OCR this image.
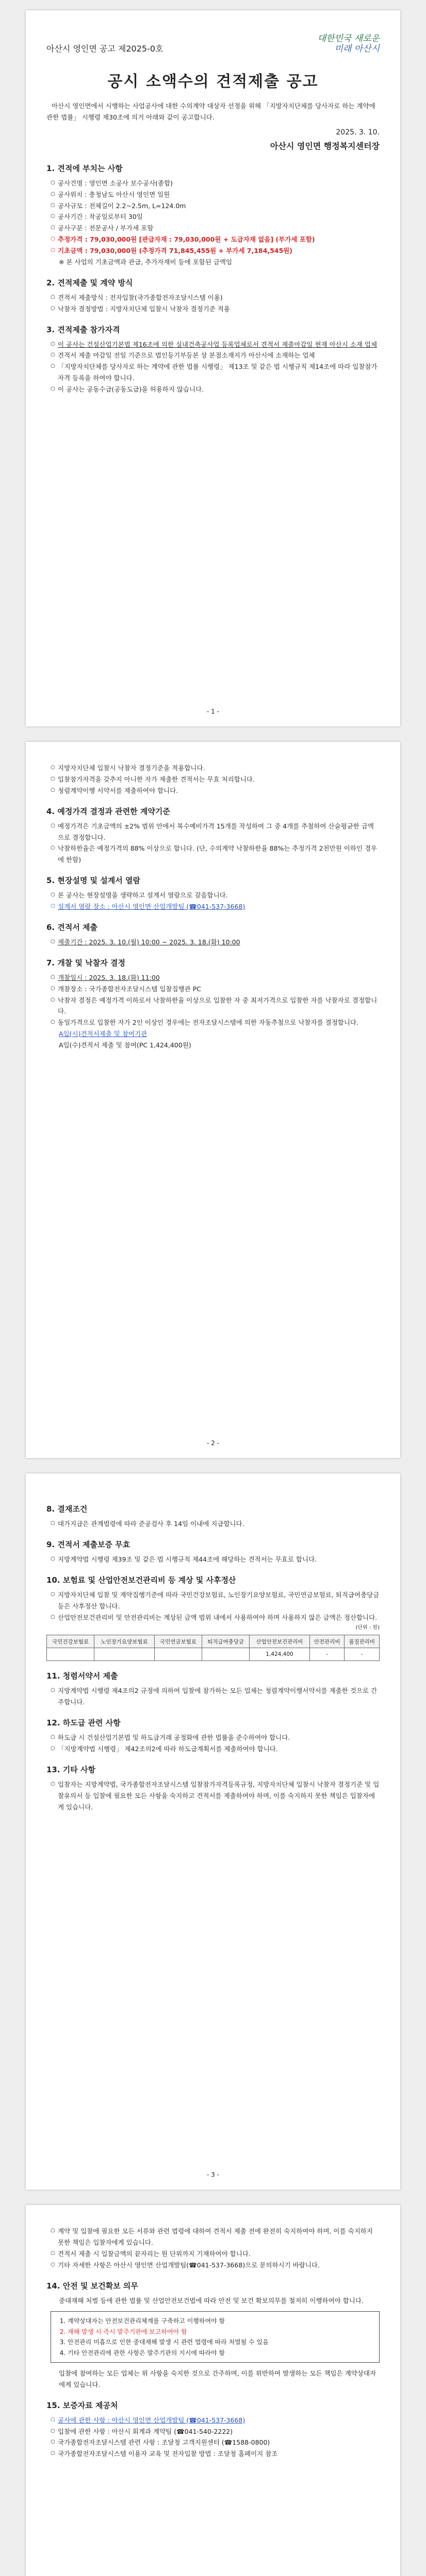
아산시 영인면 공고 제2025-0호
대한민국 새로운
미래 아산시
공시 소액수의 견적제출 공고

아산시 영인면에서 시행하는 사업공사에 대한 수의계약 대상자 선정을 위해 「지방자치단체를 당사자로 하는 계약에 관한 법률」 시행령 제30조에 의거 아래와 같이 공고합니다.

2025. 3. 10.
아산시 영인면 행정복지센터장
1. 견적에 부치는 사항
○ 공사건명 : 영인면 소공사 보수공사(종합)
○ 공사위치 : 충청남도 아산시 영인면 일원
○ 공사규모 : 전체길이 2.2~2.5m, L=124.0m
○ 공사기간 : 착공일로부터 30일
○ 공사구분 : 전문공사 / 부가세 포함
○ 추정가격 : 79,030,000원 [관급자재 : 79,030,000원 + 도급자재 없음] (부가세 포함)
○ 기초금액 : 79,030,000원 (추정가격 71,845,455원 + 부가세 7,184,545원)
※ 본 사업의 기초금액과 관급, 추가자재비 등에 포함된 금액임
2. 견적제출 및 계약 방식
○ 견적서 제출방식 : 전자입찰(국가종합전자조달시스템 이용)
○ 낙찰자 결정방법 : 지방자치단체 입찰시 낙찰자 결정기준 적용
3. 견적제출 참가자격
○ 이 공사는 건설산업기본법 제16조에 의한 실내건축공사업 등록업체로서 견적서 제출마감일 현재 아산시 소재 업체
○ 견적서 제출 마감일 전일 기준으로 법인등기부등본 상 본점소재지가 아산시에 소재하는 업체
○ 「지방자치단체를 당사자로 하는 계약에 관한 법률 시행령」 제13조 및 같은 법 시행규칙 제14조에 따라 입찰참가자격 등록을 하여야 합니다.
○ 이 공사는 공동수급(공동도급)을 허용하지 않습니다.
- 1 -
○ 지방자치단체 입찰시 낙찰자 결정기준을 적용합니다.
○ 입찰참가자격을 갖추지 아니한 자가 제출한 견적서는 무효 처리합니다.
○ 청렴계약이행 서약서를 제출하여야 합니다.
4. 예정가격 결정과 관련한 계약기준
○ 예정가격은 기초금액의 ±2% 범위 안에서 복수예비가격 15개를 작성하여 그 중 4개를 추첨하여 산술평균한 금액으로 결정합니다.
○ 낙찰하한율은 예정가격의 88% 이상으로 합니다. (단, 수의계약 낙찰하한율 88%는 추정가격 2천만원 이하인 경우에 한함)
5. 현장설명 및 설계서 열람
○ 본 공사는 현장설명을 생략하고 설계서 열람으로 갈음합니다.
○ 설계서 열람 장소 : 아산시 영인면 산업개발팀 (☎041-537-3668)
6. 견적서 제출
○ 제출기간 : 2025. 3. 10.(월) 10:00 ~ 2025. 3. 18.(화) 10:00
7. 개찰 및 낙찰자 결정
○ 개찰일시 : 2025. 3. 18.(화) 11:00
○ 개찰장소 : 국가종합전자조달시스템 입찰집행관 PC
○ 낙찰자 결정은 예정가격 이하로서 낙찰하한율 이상으로 입찰한 자 중 최저가격으로 입찰한 자를 낙찰자로 결정합니다.
○ 동일가격으로 입찰한 자가 2인 이상인 경우에는 전자조달시스템에 의한 자동추첨으로 낙찰자를 결정합니다.
A입(시)견적서제출 및 참여기관
A입(수)견적서 제출 및 참여(PC 1,424,400원)
- 2 -
8. 결재조건
○ 대가지급은 관계법령에 따라 준공검사 후 14일 이내에 지급합니다.
9. 견적서 제출보증 무효
○ 지방계약법 시행령 제39조 및 같은 법 시행규칙 제44조에 해당하는 견적서는 무효로 합니다.
10. 보험료 및 산업안전보건관리비 등 계상 및 사후정산
○ 지방자치단체 입찰 및 계약집행기준에 따라 국민건강보험료, 노인장기요양보험료, 국민연금보험료, 퇴직급여충당금 등은 사후정산 합니다.
○ 산업안전보건관리비 및 안전관리비는 계상된 금액 범위 내에서 사용하여야 하며 사용하지 않은 금액은 정산합니다.
(단위 : 원)
국민건강보험료	노인장기요양보험료	국민연금보험료	퇴직급여충당금	산업안전보건관리비	안전관리비	품질관리비
				1,424,400	-	-
11. 청렴서약서 제출
○ 지방계약법 시행령 제4조의2 규정에 의하여 입찰에 참가하는 모든 업체는 청렴계약이행서약서를 제출한 것으로 간주합니다.
12. 하도급 관련 사항
○ 하도급 시 건설산업기본법 및 하도급거래 공정화에 관한 법률을 준수하여야 합니다.
○ 「지방계약법 시행령」 제42조의2에 따라 하도급계획서를 제출하여야 합니다.
13. 기타 사항
○ 입찰자는 지방계약법, 국가종합전자조달시스템 입찰참가자격등록규정, 지방자치단체 입찰시 낙찰자 결정기준 및 입찰유의서 등 입찰에 필요한 모든 사항을 숙지하고 견적서를 제출하여야 하며, 이를 숙지하지 못한 책임은 입찰자에게 있습니다.
- 3 -
○ 계약 및 입찰에 필요한 모든 서류와 관련 법령에 대하여 견적서 제출 전에 완전히 숙지하여야 하며, 이를 숙지하지 못한 책임은 입찰자에게 있습니다.
○ 견적서 제출 시 입찰금액의 끝자리는 원 단위까지 기재하여야 합니다.
○ 기타 자세한 사항은 아산시 영인면 산업개발팀(☎041-537-3668)으로 문의하시기 바랍니다.
14. 안전 및 보건확보 의무
중대재해 처벌 등에 관한 법률 및 산업안전보건법에 따라 안전 및 보건 확보의무를 철저히 이행하여야 합니다.
1. 계약상대자는 안전보건관리체계를 구축하고 이행하여야 함
2. 재해 발생 시 즉시 발주기관에 보고하여야 함
3. 안전관리 미흡으로 인한 중대재해 발생 시 관련 법령에 따라 처벌될 수 있음
4. 기타 안전관리에 관한 사항은 발주기관의 지시에 따라야 함
입찰에 참여하는 모든 업체는 위 사항을 숙지한 것으로 간주하며, 이를 위반하여 발생하는 모든 책임은 계약상대자에게 있습니다.
15. 보증자료 제공처
○ 공사에 관한 사항 : 아산시 영인면 산업개발팀 (☎041-537-3668)
○ 입찰에 관한 사항 : 아산시 회계과 계약팀 (☎041-540-2222)
○ 국가종합전자조달시스템 관련 사항 : 조달청 고객지원센터 (☎1588-0800)
○ 국가종합전자조달시스템 이용자 교육 및 전자입찰 방법 : 조달청 홈페이지 참조
